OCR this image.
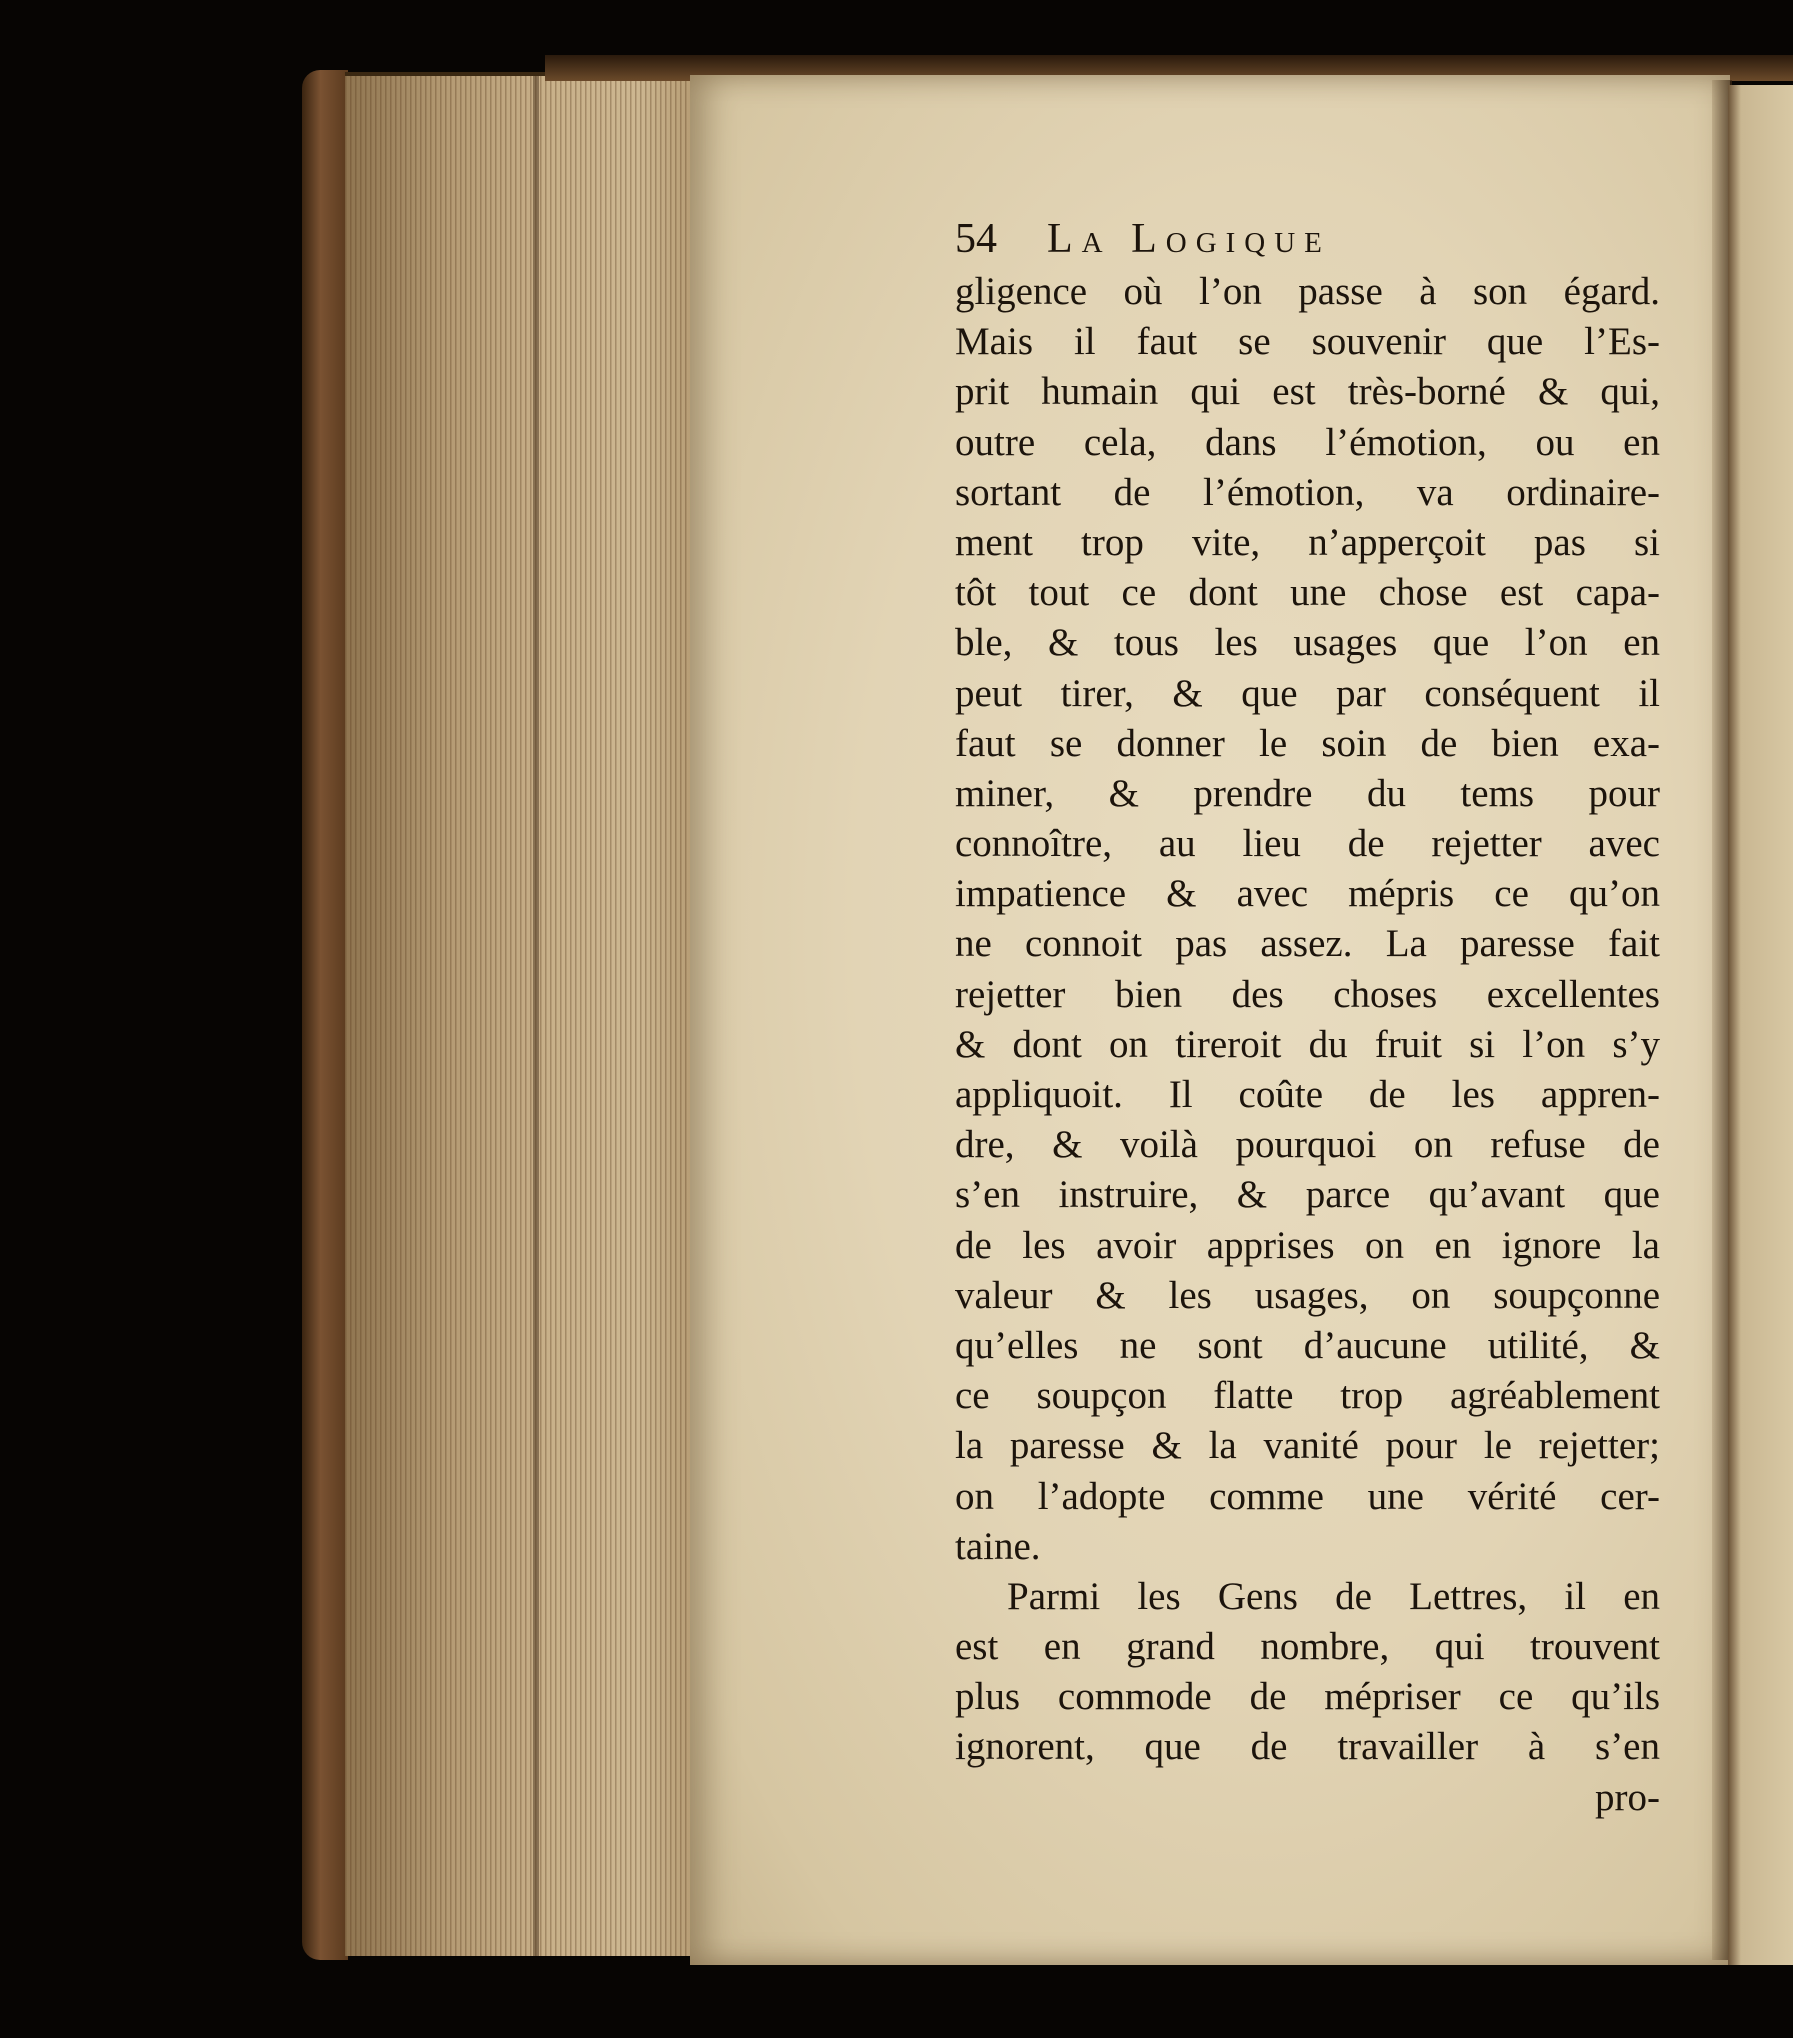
54	La Logique
gligence où l’on passe à son égard.
Mais il faut se souvenir que l’Es-
prit humain qui est très-borné & qui,
outre cela, dans l’émotion, ou en
sortant de l’émotion, va ordinaire-
ment trop vite, n’apperçoit pas si
tôt tout ce dont une chose est capa-
ble, & tous les usages que l’on en
peut tirer, & que par conséquent il
faut se donner le soin de bien exa-
miner, & prendre du tems pour
connoître, au lieu de rejetter avec
impatience & avec mépris ce qu’on
ne connoit pas assez. La paresse fait
rejetter bien des choses excellentes
& dont on tireroit du fruit si l’on s’y
appliquoit. Il coûte de les appren-
dre, & voilà pourquoi on refuse de
s’en instruire, & parce qu’avant que
de les avoir apprises on en ignore la
valeur & les usages, on soupçonne
qu’elles ne sont d’aucune utilité, &
ce soupçon flatte trop agréablement
la paresse & la vanité pour le rejetter;
on l’adopte comme une vérité cer-
taine.
Parmi les Gens de Lettres, il en
est en grand nombre, qui trouvent
plus commode de mépriser ce qu’ils
ignorent, que de travailler à s’en
pro-
